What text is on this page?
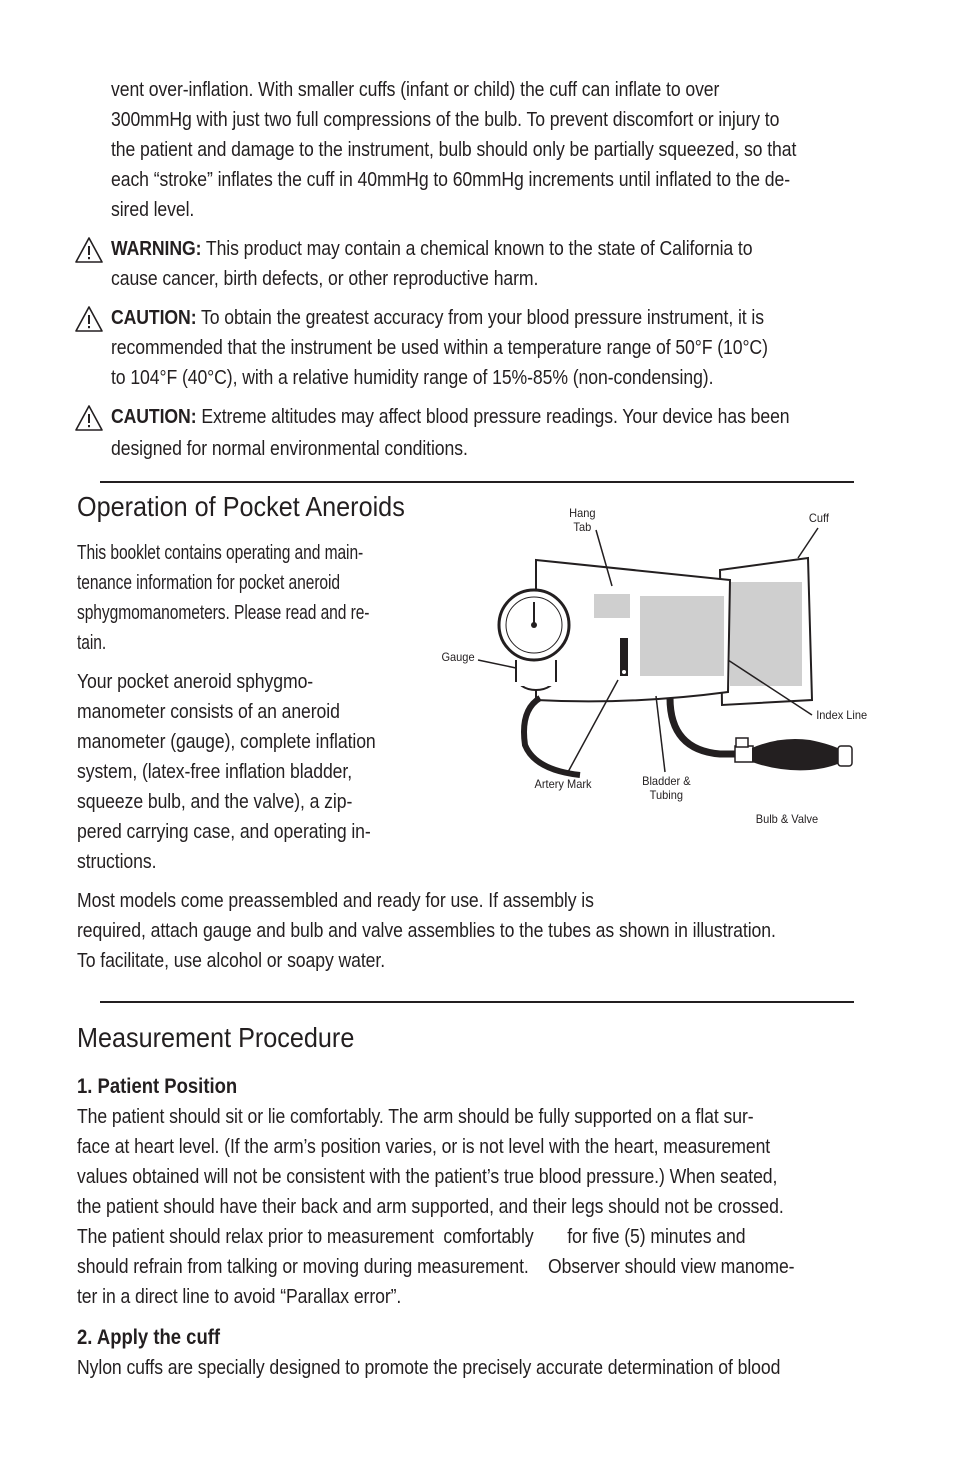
vent over-inflation. With smaller cuffs (infant or child) the cuff can inflate to over
300mmHg with just two full compressions of the bulb. To prevent discomfort or injury to
the patient and damage to the instrument, bulb should only be partially squeezed, so that
each “stroke” inflates the cuff in 40mmHg to 60mmHg increments until inflated to the de-
sired level.
WARNING: This product may contain a chemical known to the state of California to
cause cancer, birth defects, or other reproductive harm.
CAUTION: To obtain the greatest accuracy from your blood pressure instrument, it is
recommended that the instrument be used within a temperature range of 50°F (10°C)
to 104°F (40°C), with a relative humidity range of 15%-85% (non-condensing).
CAUTION: Extreme altitudes may affect blood pressure readings. Your device has been
designed for normal environmental conditions.
Operation of Pocket Aneroids
This booklet contains operating and main-
tenance information for pocket aneroid
sphygmomanometers. Please read and re-
tain.
Your pocket aneroid sphygmo-
manometer consists of an aneroid
manometer (gauge), complete inflation
system, (latex-free inflation bladder,
squeeze bulb, and the valve), a zip-
pered carrying case, and operating in-
structions.
Hang
Tab
Cuff
Gauge
Index Line
Artery Mark	Bladder &
Tubing
Bulb & Valve
Most models come preassembled and ready for use. If assembly is
required, attach gauge and bulb and valve assemblies to the tubes as shown in illustration.
To facilitate, use alcohol or soapy water.
Measurement Procedure
1. Patient Position
The patient should sit or lie comfortably. The arm should be fully supported on a flat sur-
face at heart level. (If the arm’s position varies, or is not level with the heart, measurement
values obtained will not be consistent with the patient’s true blood pressure.) When seated,
the patient should have their back and arm supported, and their legs should not be crossed.
The patient should relax prior to measurement  comfortably       for five (5) minutes and
should refrain from talking or moving during measurement.    Observer should view manome-
ter in a direct line to avoid “Parallax error”.
2. Apply the cuff
Nylon cuffs are specially designed to promote the precisely accurate determination of blood
